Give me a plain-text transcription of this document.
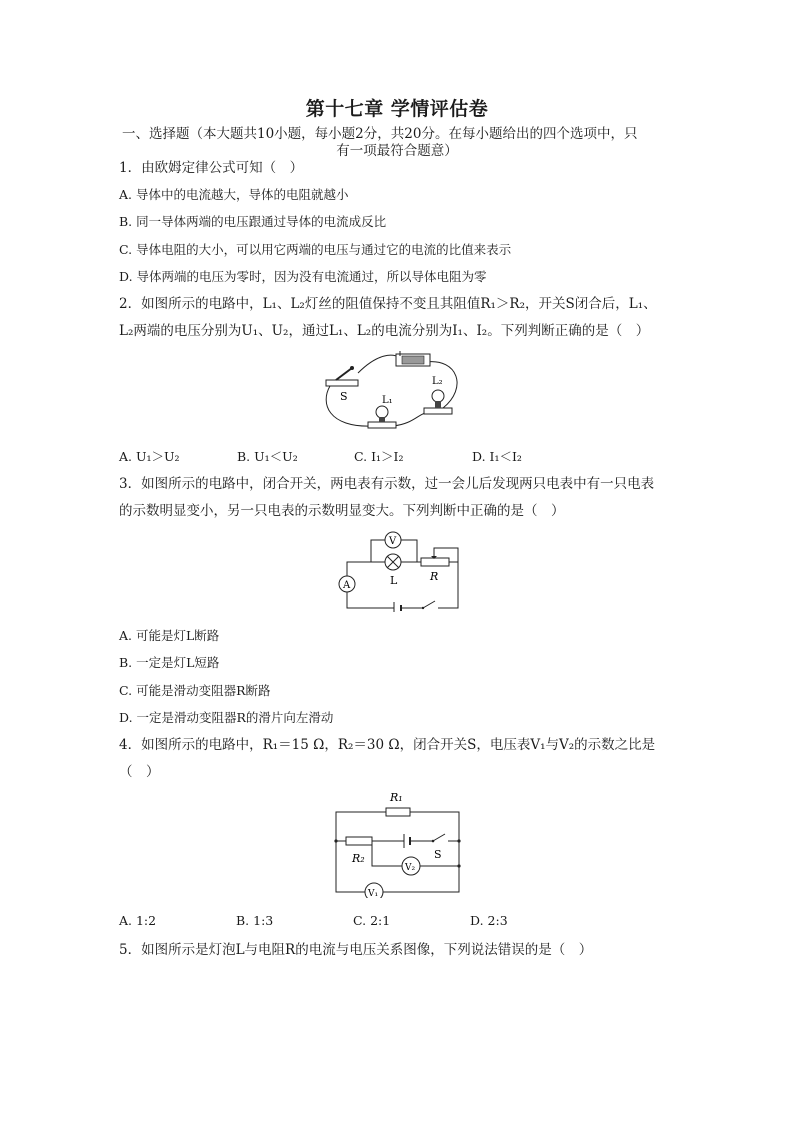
第十七章 学情评估卷
一、选择题（本大题共10小题，每小题2分，共20分。在每小题给出的四个选项中，只
有一项最符合题意）
1．由欧姆定律公式可知（　）
A. 导体中的电流越大，导体的电阻就越小
B. 同一导体两端的电压跟通过导体的电流成反比
C. 导体电阻的大小，可以用它两端的电压与通过它的电流的比值来表示
D. 导体两端的电压为零时，因为没有电流通过，所以导体电阻为零
2．如图所示的电路中，L₁、L₂灯丝的阻值保持不变且其阻值R₁＞R₂，开关S闭合后，L₁、
L₂两端的电压分别为U₁、U₂，通过L₁、L₂的电流分别为I₁、I₂。下列判断正确的是（　）
S	L₁
L₂
A. U₁＞U₂	B. U₁＜U₂	C. I₁＞I₂	D. I₁＜I₂
3．如图所示的电路中，闭合开关，两电表有示数，过一会儿后发现两只电表中有一只电表
的示数明显变小，另一只电表的示数明显变大。下列判断中正确的是（　）
A	L	R
V
A. 可能是灯L断路
B. 一定是灯L短路
C. 可能是滑动变阻器R断路
D. 一定是滑动变阻器R的滑片向左滑动
4．如图所示的电路中，R₁＝15 Ω，R₂＝30 Ω，闭合开关S，电压表V₁与V₂的示数之比是
（　）
R₁
R₂	S
V₂
V₁
A. 1:2	B. 1:3	C. 2:1	D. 2:3
5．如图所示是灯泡L与电阻R的电流与电压关系图像，下列说法错误的是（　）
